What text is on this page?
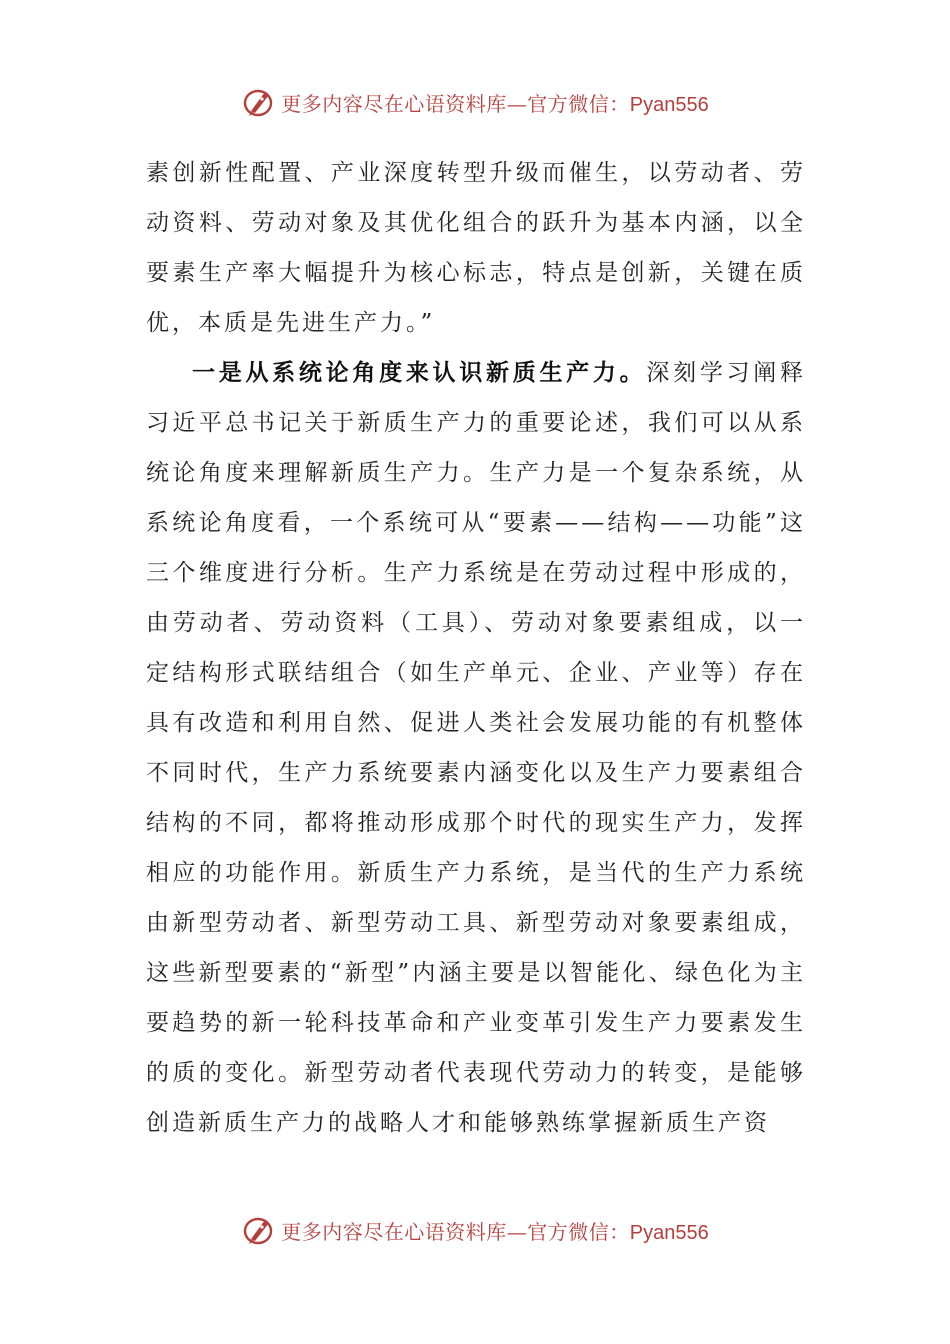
更多内容尽在心语资料库—官方微信：Pyan556

素创新性配置、产业深度转型升级而催生，以劳动者、劳动资料、劳动对象及其优化组合的跃升为基本内涵，以全要素生产率大幅提升为核心标志，特点是创新，关键在质优，本质是先进生产力。”

一是从系统论角度来认识新质生产力。深刻学习阐释习近平总书记关于新质生产力的重要论述，我们可以从系统论角度来理解新质生产力。生产力是一个复杂系统，从系统论角度看，一个系统可从“要素——结构——功能”这三个维度进行分析。生产力系统是在劳动过程中形成的，由劳动者、劳动资料（工具）、劳动对象要素组成，以一定结构形式联结组合（如生产单元、企业、产业等）存在具有改造和利用自然、促进人类社会发展功能的有机整体不同时代，生产力系统要素内涵变化以及生产力要素组合结构的不同，都将推动形成那个时代的现实生产力，发挥相应的功能作用。新质生产力系统，是当代的生产力系统由新型劳动者、新型劳动工具、新型劳动对象要素组成，这些新型要素的“新型”内涵主要是以智能化、绿色化为主要趋势的新一轮科技革命和产业变革引发生产力要素发生的质的变化。新型劳动者代表现代劳动力的转变，是能够创造新质生产力的战略人才和能够熟练掌握新质生产资

更多内容尽在心语资料库—官方微信：Pyan556
